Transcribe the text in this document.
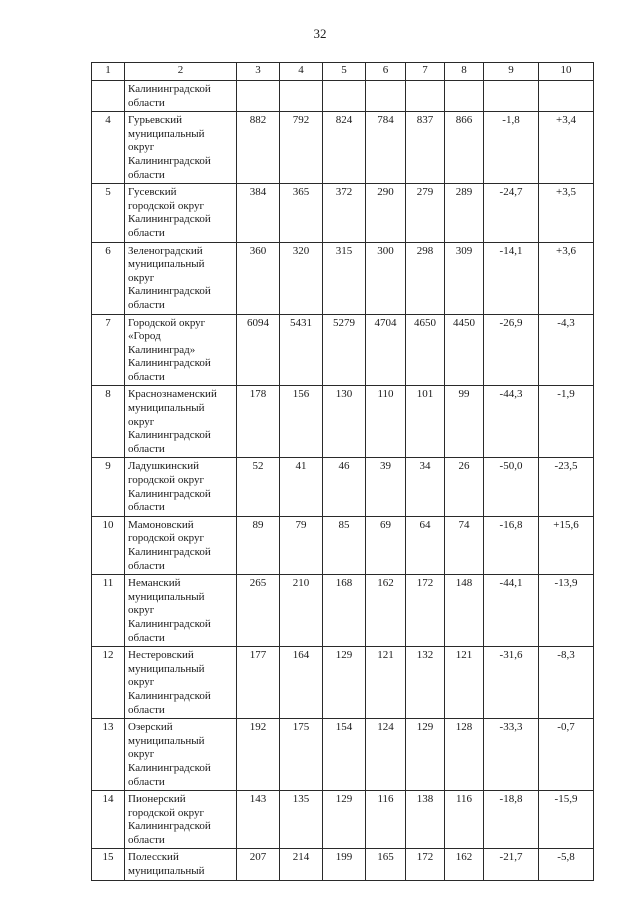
32
1	2	3	4	5	6	7	8	9	10

	Калининградской
области								

4	Гурьевский
муниципальный
округ
Калининградской
области	882	792	824	784	837	866	-1,8	+3,4
5	Гусевский
городской округ
Калининградской
области	384	365	372	290	279	289	-24,7	+3,5
6	Зеленоградский
муниципальный
округ
Калининградской
области	360	320	315	300	298	309	-14,1	+3,6
7	Городской округ
«Город
Калининград»
Калининградской
области	6094	5431	5279	4704	4650	4450	-26,9	-4,3
8	Краснознаменский
муниципальный
округ
Калининградской
области	178	156	130	110	101	99	-44,3	-1,9
9	Ладушкинский
городской округ
Калининградской
области	52	41	46	39	34	26	-50,0	-23,5
10	Мамоновский
городской округ
Калининградской
области	89	79	85	69	64	74	-16,8	+15,6
11	Неманский
муниципальный
округ
Калининградской
области	265	210	168	162	172	148	-44,1	-13,9
12	Нестеровский
муниципальный
округ
Калининградской
области	177	164	129	121	132	121	-31,6	-8,3
13	Озерский
муниципальный
округ
Калининградской
области	192	175	154	124	129	128	-33,3	-0,7
14	Пионерский
городской округ
Калининградской
области	143	135	129	116	138	116	-18,8	-15,9
15	Полесский
муниципальный	207	214	199	165	172	162	-21,7	-5,8
